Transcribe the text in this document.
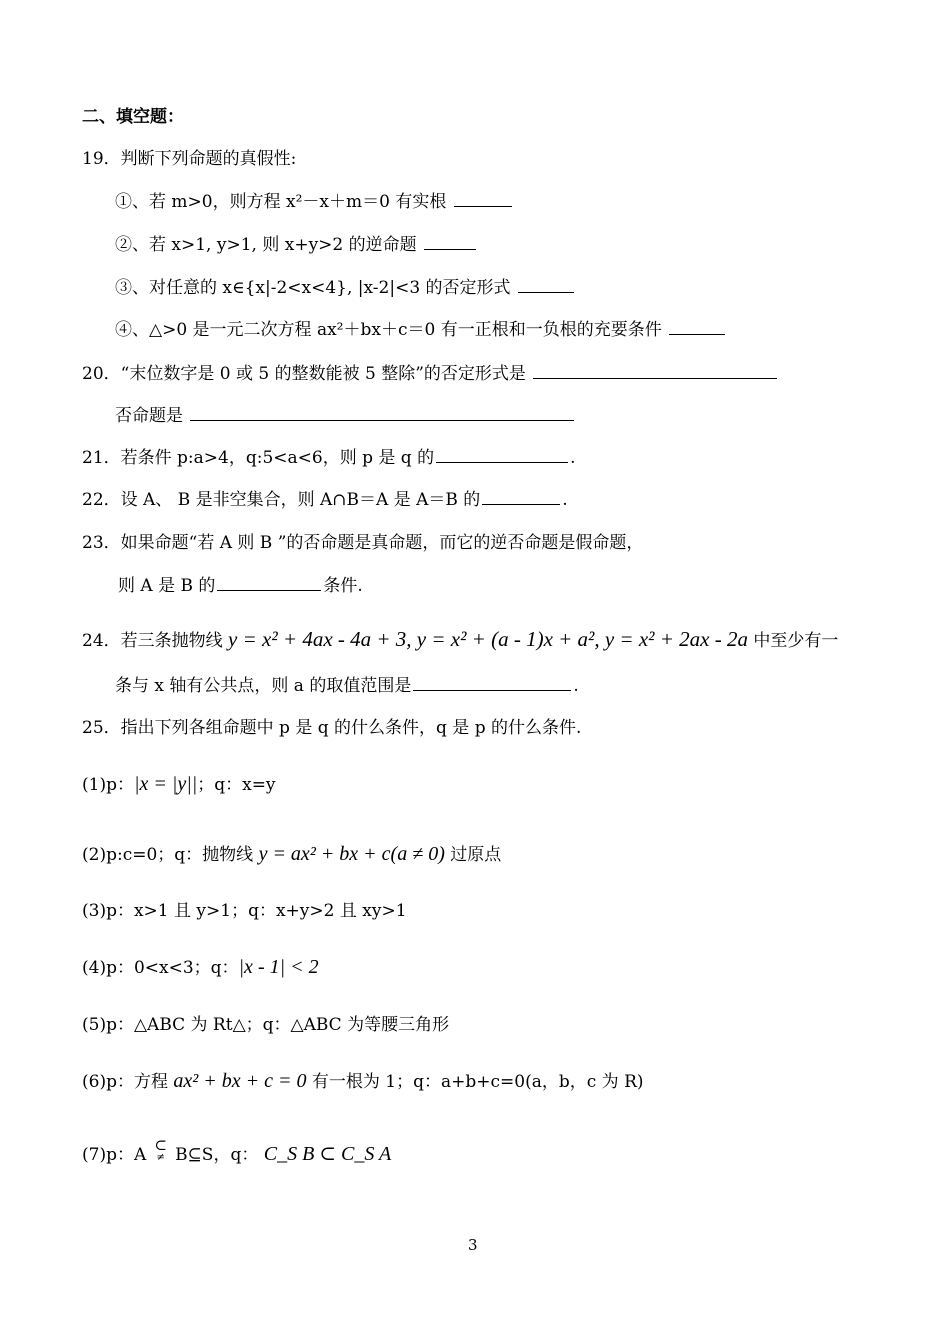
二、填空题：
19．判断下列命题的真假性:
①、若 m>0，则方程 x²－x＋m＝0 有实根
②、若 x>1, y>1, 则 x+y>2 的逆命题
③、对任意的 x∈{x|-2<x<4}, |x-2|<3 的否定形式
④、△>0 是一元二次方程 ax²＋bx＋c＝0 有一正根和一负根的充要条件
20．“末位数字是 0 或 5 的整数能被 5 整除”的否定形式是
否命题是
21．若条件 p:a>4，q:5<a<6，则 p 是 q 的	.
22．设 A、 B 是非空集合，则 A∩B＝A 是 A＝B 的	.
23．如果命题“若 A 则 B ”的否命题是真命题，而它的逆否命题是假命题，
则 A 是 B 的	条件.
24．若三条抛物线 y = x² + 4ax - 4a + 3, y = x² + (a - 1)x + a², y = x² + 2ax - 2a 中至少有一
条与 x 轴有公共点，则 a 的取值范围是	.
25．指出下列各组命题中 p 是 q 的什么条件，q 是 p 的什么条件.
(1)p：|x = |y||；q：x=y
(2)p:c=0；q：抛物线 y = ax² + bx + c(a ≠ 0) 过原点
(3)p：x>1 且 y>1；q：x+y>2 且 xy>1
(4)p：0<x<3；q：|x - 1| < 2
(5)p：△ABC 为 Rt△；q：△ABC 为等腰三角形
(6)p：方程 ax² + bx + c = 0 有一根为 1；q：a+b+c=0(a，b，c 为 R)
(7)p：A ⊂
≠ B⊆S，q： C_S B ⊂ C_S A
3
